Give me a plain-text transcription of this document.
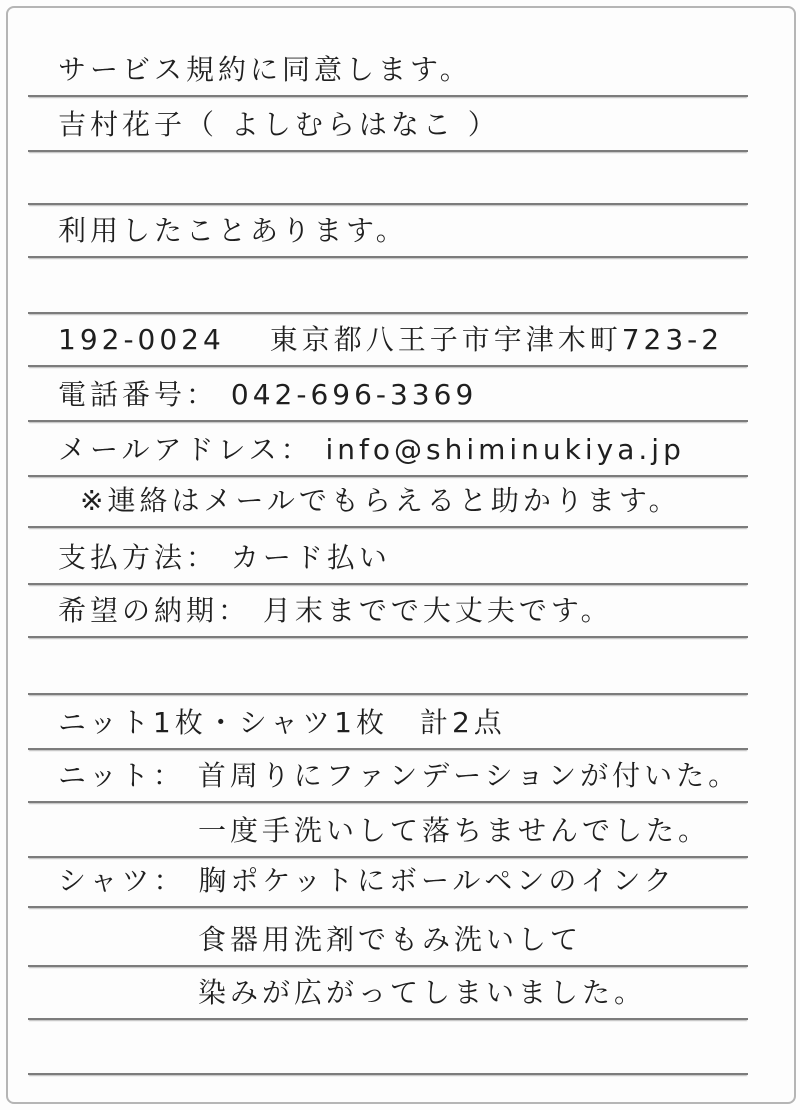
サービス規約に同意します。
吉村花子（ よしむらはなこ ）
利用したことあります。
192-0024　 東京都八王子市宇津木町723-2
電話番号： 042-696-3369
メールアドレス： info@shiminukiya.jp
※連絡はメールでもらえると助かります。
支払方法： カード払い
希望の納期： 月末までで大丈夫です。
ニット1枚・シャツ1枚　計2点
ニット： 首周りにファンデーションが付いた。
一度手洗いして落ちませんでした。
シャツ： 胸ポケットにボールペンのインク
食器用洗剤でもみ洗いして
染みが広がってしまいました。
